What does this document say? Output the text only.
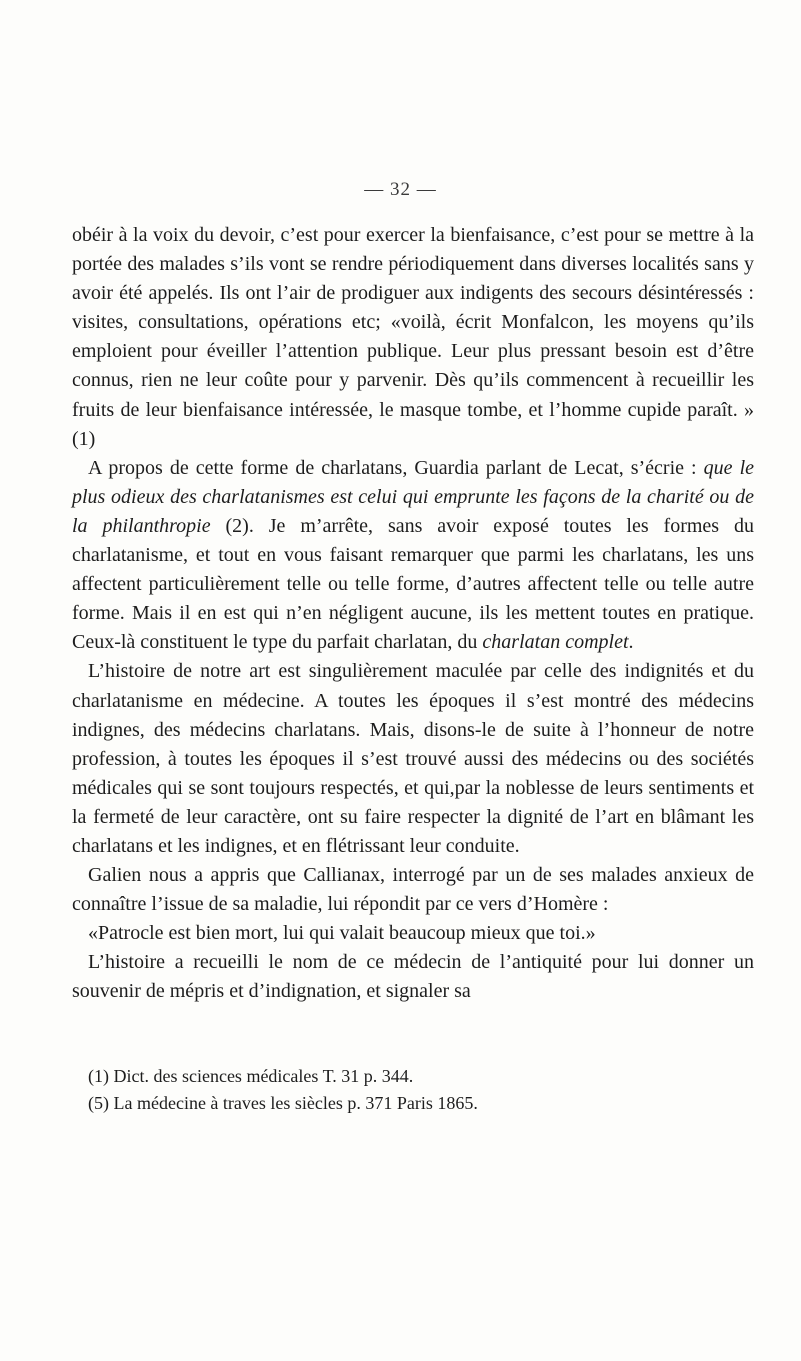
— 32 —

obéir à la voix du devoir, c’est pour exercer la bienfaisance, c’est pour se mettre à la portée des malades s’ils vont se rendre périodiquement dans diverses localités sans y avoir été appelés. Ils ont l’air de prodiguer aux indigents des secours désintéressés : visites, consultations, opérations etc; «voilà, écrit Monfalcon, les moyens qu’ils emploient pour éveiller l’attention publique. Leur plus pressant besoin est d’être connus, rien ne leur coûte pour y parvenir. Dès qu’ils commencent à recueillir les fruits de leur bienfaisance intéressée, le masque tombe, et l’homme cupide paraît. » (1)

A propos de cette forme de charlatans, Guardia parlant de Lecat, s’écrie : que le plus odieux des charlatanismes est celui qui emprunte les façons de la charité ou de la philanthropie (2). Je m’arrête, sans avoir exposé toutes les formes du charlatanisme, et tout en vous faisant remarquer que parmi les charlatans, les uns affectent particulièrement telle ou telle forme, d’autres affectent telle ou telle autre forme. Mais il en est qui n’en négligent aucune, ils les mettent toutes en pratique. Ceux-là constituent le type du parfait charlatan, du charlatan complet.

L’histoire de notre art est singulièrement maculée par celle des indignités et du charlatanisme en médecine. A toutes les époques il s’est montré des médecins indignes, des médecins charlatans. Mais, disons-le de suite à l’honneur de notre profession, à toutes les époques il s’est trouvé aussi des médecins ou des sociétés médicales qui se sont toujours respectés, et qui,par la noblesse de leurs sentiments et la fermeté de leur caractère, ont su faire respecter la dignité de l’art en blâmant les charlatans et les indignes, et en flétrissant leur conduite.

Galien nous a appris que Callianax, interrogé par un de ses malades anxieux de connaître l’issue de sa maladie, lui répondit par ce vers d’Homère :

«Patrocle est bien mort, lui qui valait beaucoup mieux que toi.»

L’histoire a recueilli le nom de ce médecin de l’antiquité pour lui donner un souvenir de mépris et d’indignation, et signaler sa

(1) Dict. des sciences médicales T. 31 p. 344.
(5) La médecine à traves les siècles p. 371 Paris 1865.
